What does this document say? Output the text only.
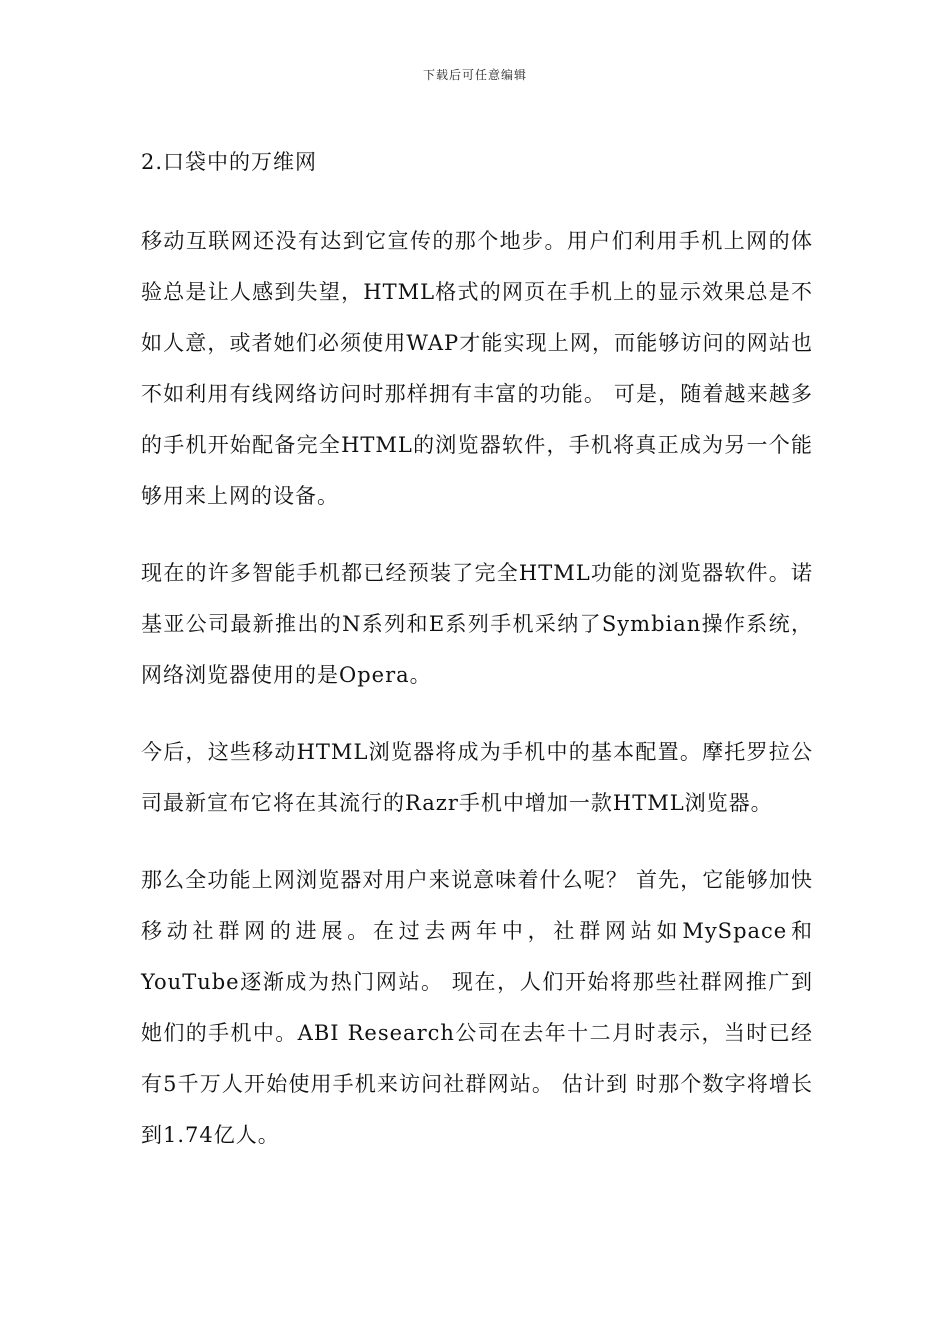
下载后可任意编辑
2.口袋中的万维网

移动互联网还没有达到它宣传的那个地步。用户们利用手机上网的体验总是让人感到失望，HTML格式的网页在手机上的显示效果总是不如人意，或者她们必须使用WAP才能实现上网，而能够访问的网站也不如利用有线网络访问时那样拥有丰富的功能。 可是，随着越来越多的手机开始配备完全HTML的浏览器软件，手机将真正成为另一个能够用来上网的设备。

现在的许多智能手机都已经预装了完全HTML功能的浏览器软件。诺基亚公司最新推出的N系列和E系列手机采纳了Symbian操作系统，网络浏览器使用的是Opera。

今后，这些移动HTML浏览器将成为手机中的基本配置。摩托罗拉公司最新宣布它将在其流行的Razr手机中增加一款HTML浏览器。

那么全功能上网浏览器对用户来说意味着什么呢？ 首先，它能够加快移动社群网的进展。在过去两年中，社群网站如MySpace和YouTube逐渐成为热门网站。 现在，人们开始将那些社群网推广到她们的手机中。ABI Research公司在去年十二月时表示，当时已经有5千万人开始使用手机来访问社群网站。 估计到 时那个数字将增长到1.74亿人。
